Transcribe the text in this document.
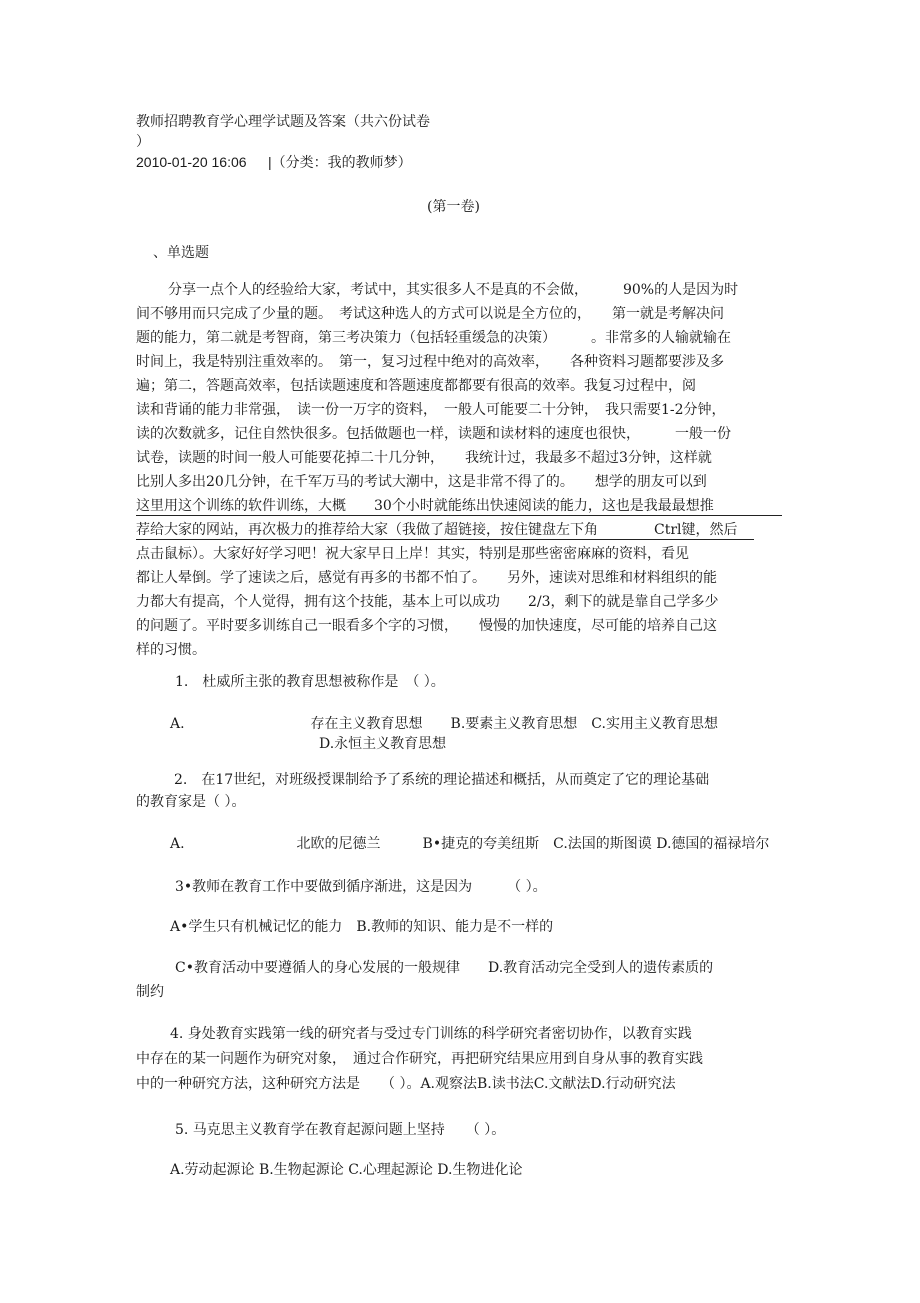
教师招聘教育学心理学试题及答案（共六份试卷
）
2010-01-20 16:06 |（分类：我的教师梦）
(第一卷)
、单选题
分享一点个人的经验给大家，考试中，其实很多人不是真的不会做，　　　90%的人是因为时
间不够用而只完成了少量的题。　考试这种选人的方式可以说是全方位的，　　第一就是考解决问
题的能力，第二就是考智商，第三考决策力（包括轻重缓急的决策）　　　。非常多的人输就输在
时间上，我是特别注重效率的。　第一，复习过程中绝对的高效率，　　各种资料习题都要涉及多
遍；第二，答题高效率，包括读题速度和答题速度都都要有很高的效率。我复习过程中，阅
读和背诵的能力非常强，　读一份一万字的资料，　一般人可能要二十分钟，　我只需要1-2分钟，
读的次数就多，记住自然快很多。包括做题也一样，读题和读材料的速度也很快，　　　一般一份
试卷，读题的时间一般人可能要花掉二十几分钟，　　我统计过，我最多不超过3分钟，这样就
比别人多出20几分钟，在千军万马的考试大潮中，这是非常不得了的。　　想学的朋友可以到
这里用这个训练的软件训练，大概　　30个小时就能练出快速阅读的能力，这也是我最最想推
荐给大家的网站，再次极力的推荐给大家（我做了超链接，按住键盘左下角　　　　Ctrl键，然后
点击鼠标）。大家好好学习吧！祝大家早日上岸！其实，特别是那些密密麻麻的资料，看见
都让人晕倒。学了速读之后，感觉有再多的书都不怕了。　　另外，速读对思维和材料组织的能
力都大有提高，个人觉得，拥有这个技能，基本上可以成功　　2/3，剩下的就是靠自己学多少
的问题了。平时要多训练自己一眼看多个字的习惯，　　慢慢的加快速度，尽可能的培养自己这
样的习惯。
1.　杜威所主张的教育思想被称作是　（ ）。
A.　　　　　　　　　存在主义教育思想　　B.要素主义教育思想　C.实用主义教育思想
D.永恒主义教育思想
2.　在17世纪，对班级授课制给予了系统的理论描述和概括，从而奠定了它的理论基础
的教育家是（ ）。
A.　　　　　　　　北欧的尼德兰　　　B•捷克的夸美纽斯　C.法国的斯图谟 D.德国的福禄培尔
3•教师在教育工作中要做到循序渐进，这是因为　　　（ ）。
A•学生只有机械记忆的能力　B.教师的知识、能力是不一样的
C•教育活动中要遵循人的身心发展的一般规律　　D.教育活动完全受到人的遗传素质的
制约
4. 身处教育实践第一线的研究者与受过专门训练的科学研究者密切协作，以教育实践
中存在的某一问题作为研究对象，　通过合作研究，再把研究结果应用到自身从事的教育实践
中的一种研究方法，这种研究方法是　　（ ）。A.观察法B.读书法C.文献法D.行动研究法
5. 马克思主义教育学在教育起源问题上坚持　　（ ）。
A.劳动起源论 B.生物起源论 C.心理起源论 D.生物进化论
